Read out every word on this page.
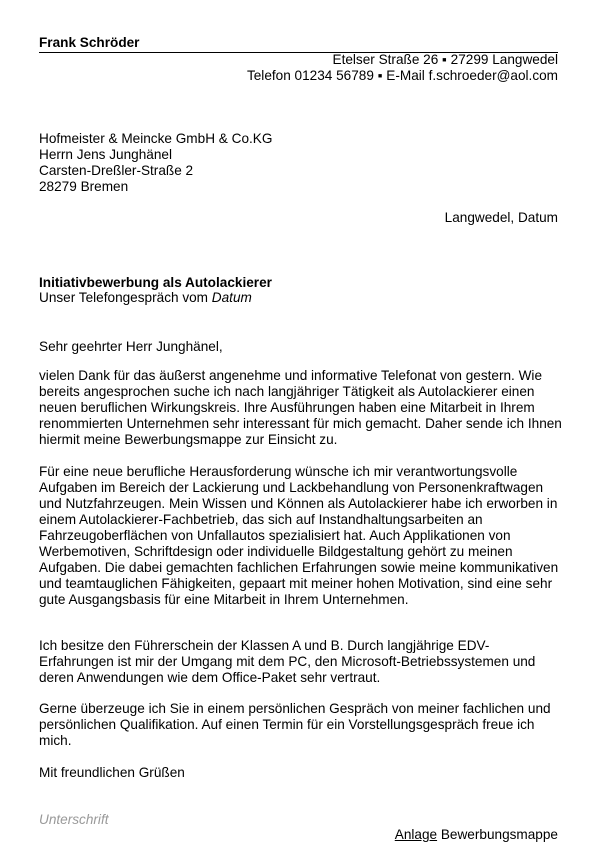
Frank Schröder
Etelser Straße 26 ▪ 27299 Langwedel
Telefon 01234 56789 ▪ E-Mail f.schroeder@aol.com
Hofmeister & Meincke GmbH & Co.KG
Herrn Jens Junghänel
Carsten-Dreßler-Straße 2
28279 Bremen
Langwedel, Datum
Initiativbewerbung als Autolackierer
Unser Telefongespräch vom Datum
Sehr geehrter Herr Junghänel,
vielen Dank für das äußerst angenehme und informative Telefonat von gestern. Wie bereits angesprochen suche ich nach langjähriger Tätigkeit als Autolackierer einen neuen beruflichen Wirkungskreis. Ihre Ausführungen haben eine Mitarbeit in Ihrem renommierten Unternehmen sehr interessant für mich gemacht. Daher sende ich Ihnen hiermit meine Bewerbungsmappe zur Einsicht zu.
Für eine neue berufliche Herausforderung wünsche ich mir verantwortungsvolle Aufgaben im Bereich der Lackierung und Lackbehandlung von Personenkraftwagen und Nutzfahrzeugen. Mein Wissen und Können als Autolackierer habe ich erworben in einem Autolackierer-Fachbetrieb, das sich auf Instandhaltungsarbeiten an Fahrzeugoberflächen von Unfallautos spezialisiert hat. Auch Applikationen von Werbemotiven, Schriftdesign oder individuelle Bildgestaltung gehört zu meinen Aufgaben. Die dabei gemachten fachlichen Erfahrungen sowie meine kommunikativen und teamtauglichen Fähigkeiten, gepaart mit meiner hohen Motivation, sind eine sehr gute Ausgangsbasis für eine Mitarbeit in Ihrem Unternehmen.
Ich besitze den Führerschein der Klassen A und B. Durch langjährige EDV-Erfahrungen ist mir der Umgang mit dem PC, den Microsoft-Betriebssystemen und deren Anwendungen wie dem Office-Paket sehr vertraut.
Gerne überzeuge ich Sie in einem persönlichen Gespräch von meiner fachlichen und persönlichen Qualifikation. Auf einen Termin für ein Vorstellungsgespräch freue ich mich.
Mit freundlichen Grüßen
Unterschrift
Anlage Bewerbungsmappe
